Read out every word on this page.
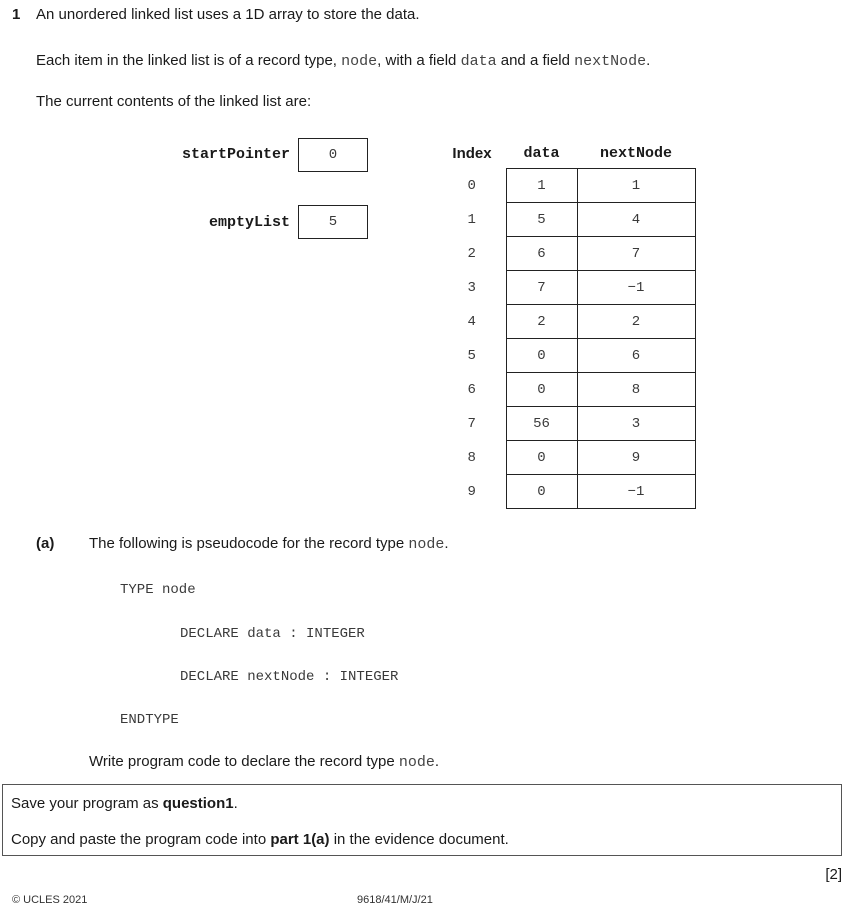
1 An unordered linked list uses a 1D array to store the data.
Each item in the linked list is of a record type, node, with a field data and a field nextNode.
The current contents of the linked list are:
startPointer	0
emptyList	5
Index	data	nextNode
0	1	1
1	5	4
2	6	7
3	7	−1
4	2	2
5	0	6
6	0	8
7	56	3
8	0	9
9	0	−1
(a) The following is pseudocode for the record type node.
TYPE node
DECLARE data : INTEGER
DECLARE nextNode : INTEGER
ENDTYPE
Write program code to declare the record type node.
Save your program as question1.
Copy and paste the program code into part 1(a) in the evidence document.
[2]
© UCLES 2021	9618/41/M/J/21
